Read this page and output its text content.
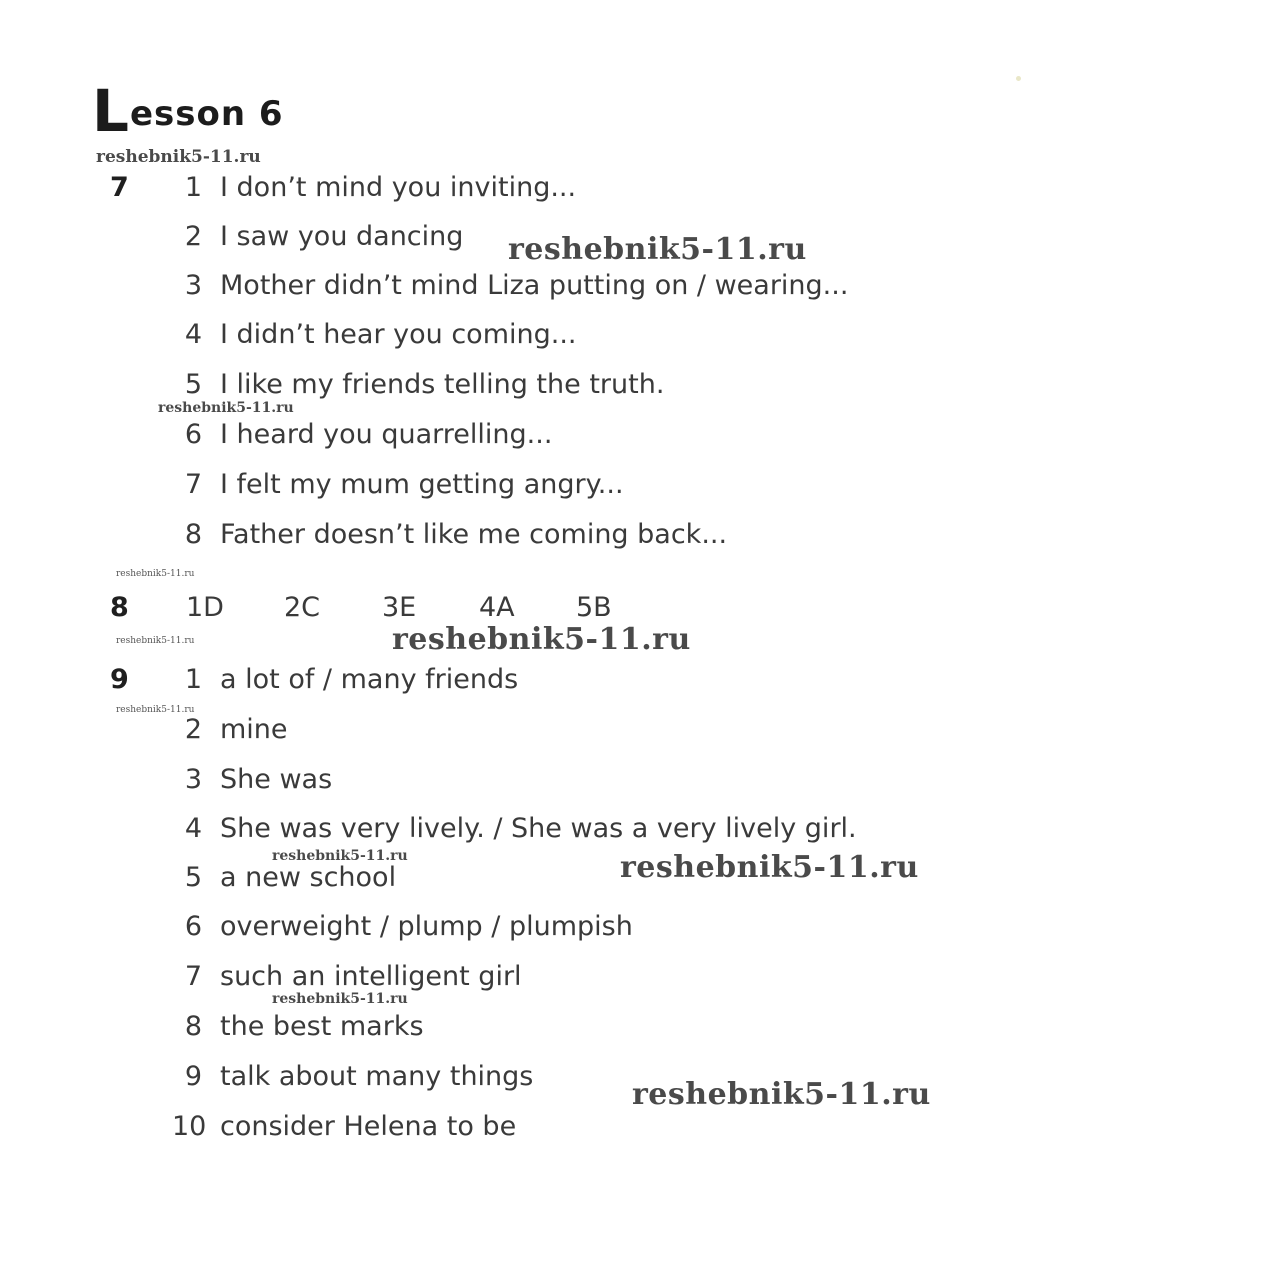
Lesson 6
7	1 I don’t mind you inviting...
2 I saw you dancing
3 Mother didn’t mind Liza putting on / wearing...
4 I didn’t hear you coming...
5 I like my friends telling the truth.
6 I heard you quarrelling...
7 I felt my mum getting angry...
8 Father doesn’t like me coming back...
8 1D 2C 3E 4A 5B
9	1 a lot of / many friends
2 mine
3 She was
4 She was very lively. / She was a very lively girl.
5 a new school
6 overweight / plump / plumpish
7 such an intelligent girl
8 the best marks
9 talk about many things
10 consider Helena to be
reshebnik5-11.ru
reshebnik5-11.ru
reshebnik5-11.ru
reshebnik5-11.ru
reshebnik5-11.ru
reshebnik5-11.ru
reshebnik5-11.ru
reshebnik5-11.ru	reshebnik5-11.ru
reshebnik5-11.ru
reshebnik5-11.ru
